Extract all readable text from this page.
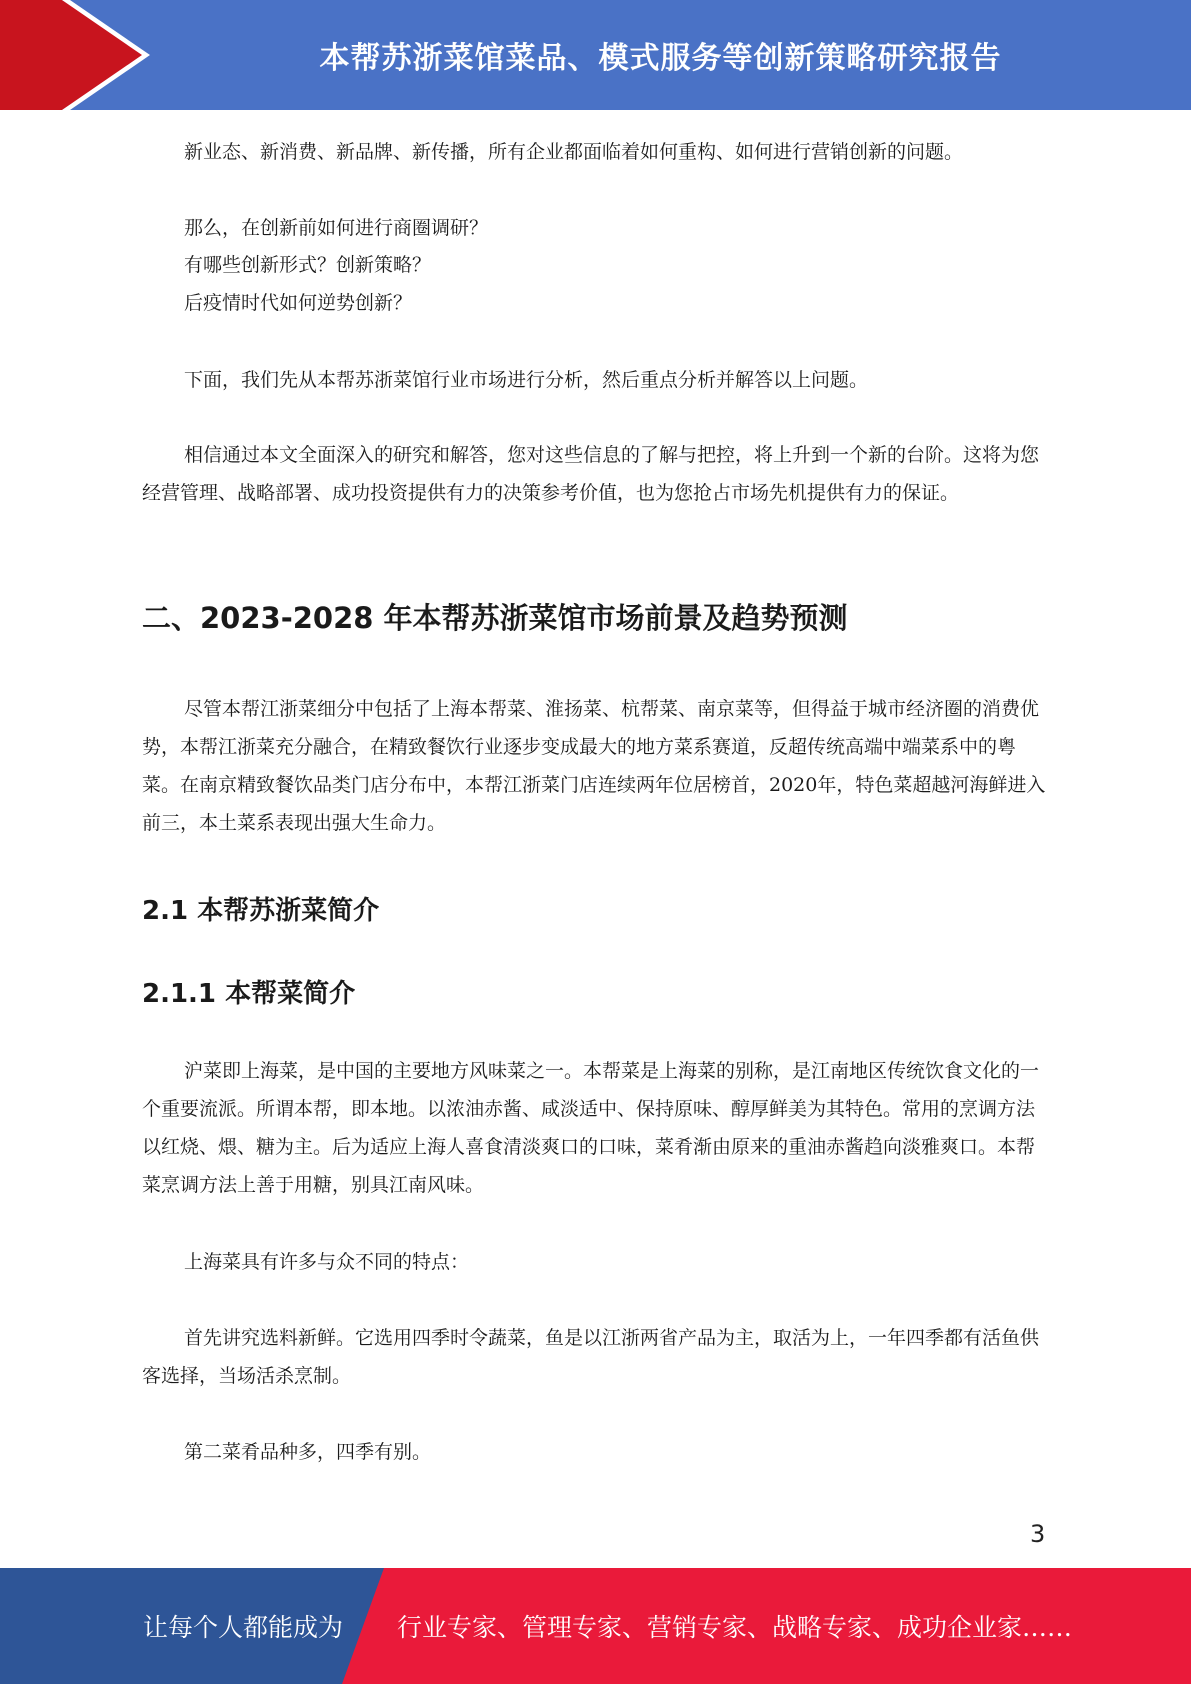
本帮苏浙菜馆菜品、模式服务等创新策略研究报告
新业态、新消费、新品牌、新传播，所有企业都面临着如何重构、如何进行营销创新的问题。
那么，在创新前如何进行商圈调研？
有哪些创新形式？创新策略？
后疫情时代如何逆势创新？
下面，我们先从本帮苏浙菜馆行业市场进行分析，然后重点分析并解答以上问题。
相信通过本文全面深入的研究和解答，您对这些信息的了解与把控，将上升到一个新的台阶。这将为您经营管理、战略部署、成功投资提供有力的决策参考价值，也为您抢占市场先机提供有力的保证。
二、2023-2028 年本帮苏浙菜馆市场前景及趋势预测
尽管本帮江浙菜细分中包括了上海本帮菜、淮扬菜、杭帮菜、南京菜等，但得益于城市经济圈的消费优势，本帮江浙菜充分融合，在精致餐饮行业逐步变成最大的地方菜系赛道，反超传统高端中端菜系中的粤菜。在南京精致餐饮品类门店分布中，本帮江浙菜门店连续两年位居榜首，2020年，特色菜超越河海鲜进入前三，本土菜系表现出强大生命力。
2.1 本帮苏浙菜简介
2.1.1 本帮菜简介
沪菜即上海菜，是中国的主要地方风味菜之一。本帮菜是上海菜的别称，是江南地区传统饮食文化的一个重要流派。所谓本帮，即本地。以浓油赤酱、咸淡适中、保持原味、醇厚鲜美为其特色。常用的烹调方法以红烧、煨、糖为主。后为适应上海人喜食清淡爽口的口味，菜肴渐由原来的重油赤酱趋向淡雅爽口。本帮菜烹调方法上善于用糖，别具江南风味。
上海菜具有许多与众不同的特点：
首先讲究选料新鲜。它选用四季时令蔬菜，鱼是以江浙两省产品为主，取活为上，一年四季都有活鱼供客选择，当场活杀烹制。
第二菜肴品种多，四季有别。
3
让每个人都能成为 行业专家、管理专家、营销专家、战略专家、成功企业家……
